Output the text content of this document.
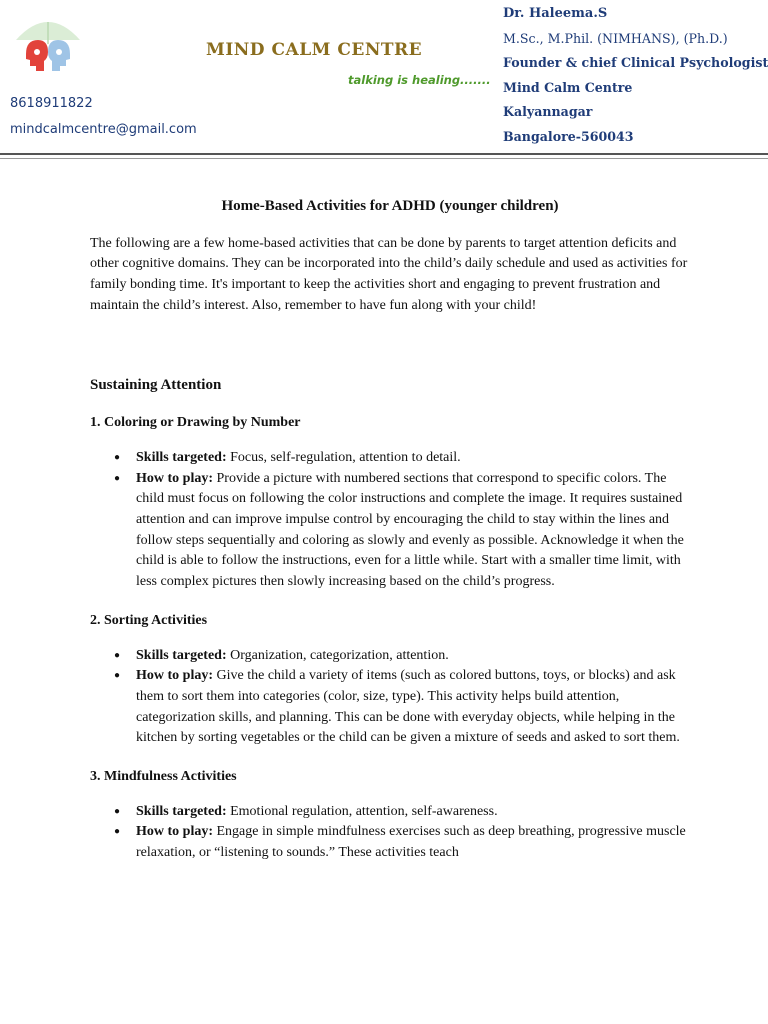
MIND CALM CENTRE
talking is healing.......
8618911822
mindcalmcentre@gmail.com
Dr. Haleema.S
M.Sc., M.Phil. (NIMHANS), (Ph.D.)
Founder & chief Clinical Psychologist
Mind Calm Centre
Kalyannagar
Bangalore-560043
Home-Based Activities for ADHD (younger children)

The following are a few home-based activities that can be done by parents to target attention deficits and other cognitive domains. They can be incorporated into the child’s daily schedule and used as activities for family bonding time. It's important to keep the activities short and engaging to prevent frustration and maintain the child’s interest. Also, remember to have fun along with your child!

Sustaining Attention
1. Coloring or Drawing by Number
● Skills targeted: Focus, self-regulation, attention to detail.
● How to play: Provide a picture with numbered sections that correspond to specific colors. The child must focus on following the color instructions and complete the image. It requires sustained attention and can improve impulse control by encouraging the child to stay within the lines and follow steps sequentially and coloring as slowly and evenly as possible. Acknowledge it when the child is able to follow the instructions, even for a little while. Start with a smaller time limit, with less complex pictures then slowly increasing based on the child’s progress.
2. Sorting Activities
● Skills targeted: Organization, categorization, attention.
● How to play: Give the child a variety of items (such as colored buttons, toys, or blocks) and ask them to sort them into categories (color, size, type). This activity helps build attention, categorization skills, and planning. This can be done with everyday objects, while helping in the kitchen by sorting vegetables or the child can be given a mixture of seeds and asked to sort them.
3. Mindfulness Activities
● Skills targeted: Emotional regulation, attention, self-awareness.
● How to play: Engage in simple mindfulness exercises such as deep breathing, progressive muscle relaxation, or “listening to sounds.” These activities teach
